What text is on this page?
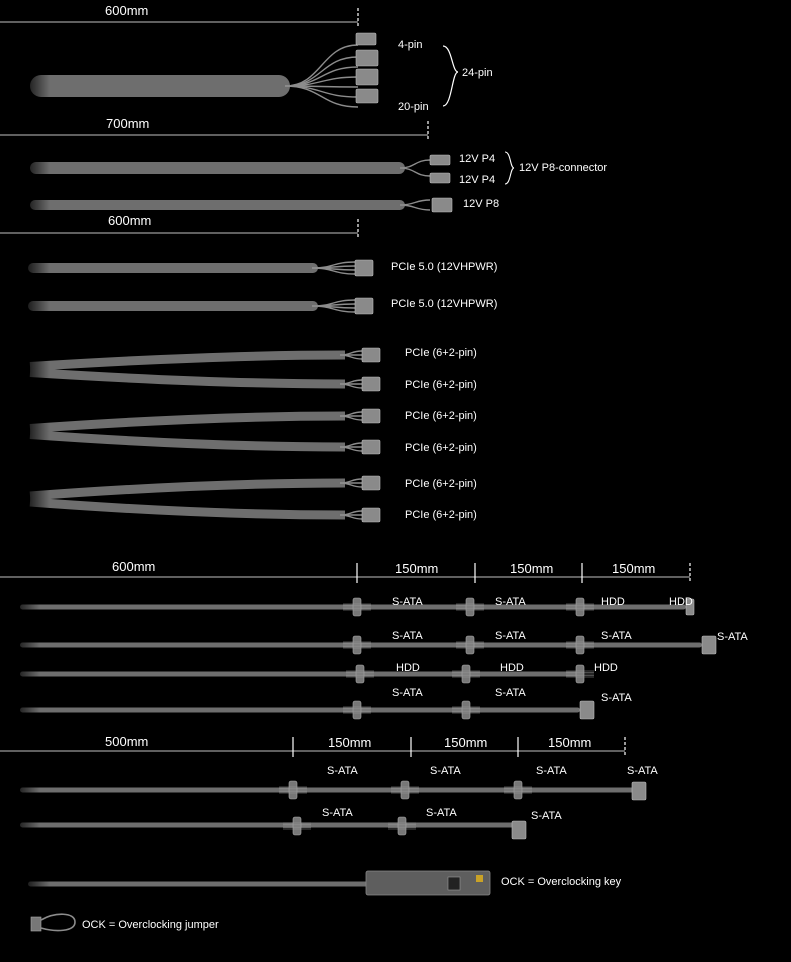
600mm
4-pin
20-pin
24-pin
700mm
12V P4
12V P4
12V P8-connector
12V P8
600mm
PCIe 5.0 (12VHPWR)
PCIe 5.0 (12VHPWR)
PCIe (6+2-pin)
PCIe (6+2-pin)
PCIe (6+2-pin)
PCIe (6+2-pin)
PCIe (6+2-pin)
PCIe (6+2-pin)
600mm	150mm	150mm	150mm
S-ATA	S-ATA	HDD	HDD
S-ATA	S-ATA	S-ATA	S-ATA
HDD	HDD	HDD
S-ATA	S-ATA	S-ATA
500mm	150mm	150mm	150mm
S-ATA	S-ATA	S-ATA	S-ATA
S-ATA	S-ATA	S-ATA
OCK = Overclocking key
OCK = Overclocking jumper
